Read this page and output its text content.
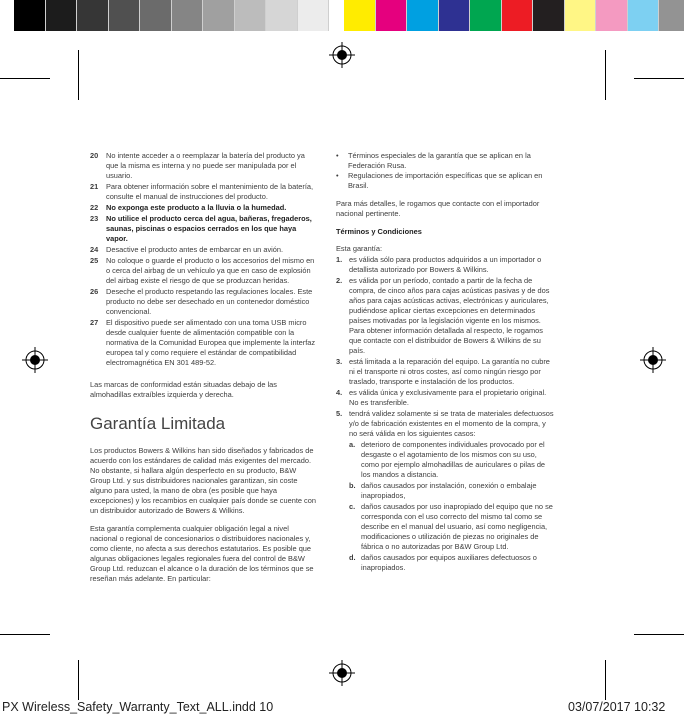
20	No intente acceder a o reemplazar la batería del producto ya que la misma es interna y no puede ser manipulada por el usuario.
21	Para obtener información sobre el mantenimiento de la batería, consulte el manual de instrucciones del producto.
22	No exponga este producto a la lluvia o la humedad.
23	No utilice el producto cerca del agua, bañeras, fregaderos, saunas, piscinas o espacios cerrados en los que haya vapor.
24	Desactive el producto antes de embarcar en un avión.
25	No coloque o guarde el producto o los accesorios del mismo en o cerca del airbag de un vehículo ya que en caso de explosión del airbag existe el riesgo de que se produzcan heridas.
26	Deseche el producto respetando las regulaciones locales. Este producto no debe ser desechado en un contenedor doméstico convencional.
27	El dispositivo puede ser alimentado con una toma USB micro desde cualquier fuente de alimentación compatible con la normativa de la Comunidad Europea que implemente la interfaz europea tal y como requiere el estándar de compatibilidad electromagnética EN 301 489-52.

Las marcas de conformidad están situadas debajo de las almohadillas extraíbles izquierda y derecha.

Garantía Limitada

Los productos Bowers & Wilkins han sido diseñados y fabricados de acuerdo con los estándares de calidad más exigentes del mercado. No obstante, si hallara algún desperfecto en su producto, B&W Group Ltd. y sus distribuidores nacionales garantizan, sin coste alguno para usted, la mano de obra (es posible que haya excepciones) y los recambios en cualquier país donde se cuente con un distribuidor autorizado de Bowers & Wilkins.

Esta garantía complementa cualquier obligación legal a nivel nacional o regional de concesionarios o distribuidores nacionales y, como cliente, no afecta a sus derechos estatutarios. Es posible que algunas obligaciones legales regionales fuera del control de B&W Group Ltd. reduzcan el alcance o la duración de los términos que se reseñan más adelante. En particular:

•	Términos especiales de la garantía que se aplican en la Federación Rusa.
•	Regulaciones de importación específicas que se aplican en Brasil.

Para más detalles, le rogamos que contacte con el importador nacional pertinente.

Términos y Condiciones

Esta garantía:

1. es válida sólo para productos adquiridos a un importador o detallista autorizado por Bowers & Wilkins.
2. es válida por un período, contado a partir de la fecha de compra, de cinco años para cajas acústicas pasivas y de dos años para cajas acústicas activas, electrónicas y auriculares, pudiéndose aplicar ciertas excepciones en determinados países motivadas por la legislación vigente en los mismos. Para obtener información detallada al respecto, le rogamos que contacte con el distribuidor de Bowers & Wilkins de su país.
3. está limitada a la reparación del equipo. La garantía no cubre ni el transporte ni otros costes, así como ningún riesgo por traslado, transporte e instalación de los productos.
4. es válida única y exclusivamente para el propietario original. No es transferible.
5. tendrá validez solamente si se trata de materiales defectuosos y/o de fabricación existentes en el momento de la compra, y no será válida en los siguientes casos:
a. deterioro de componentes individuales provocado por el desgaste o el agotamiento de los mismos con su uso, como por ejemplo almohadillas de auriculares o pilas de los mandos a distancia.
b. daños causados por instalación, conexión o embalaje inapropiados,
c. daños causados por uso inapropiado del equipo que no se corresponda con el uso correcto del mismo tal como se describe en el manual del usuario, así como negligencia, modificaciones o utilización de piezas no originales de fábrica o no autorizadas por B&W Group Ltd.
d. daños causados por equipos auxiliares defectuosos o inapropiados.
PX Wireless_Safety_Warranty_Text_ALL.indd 10	03/07/2017 10:32
